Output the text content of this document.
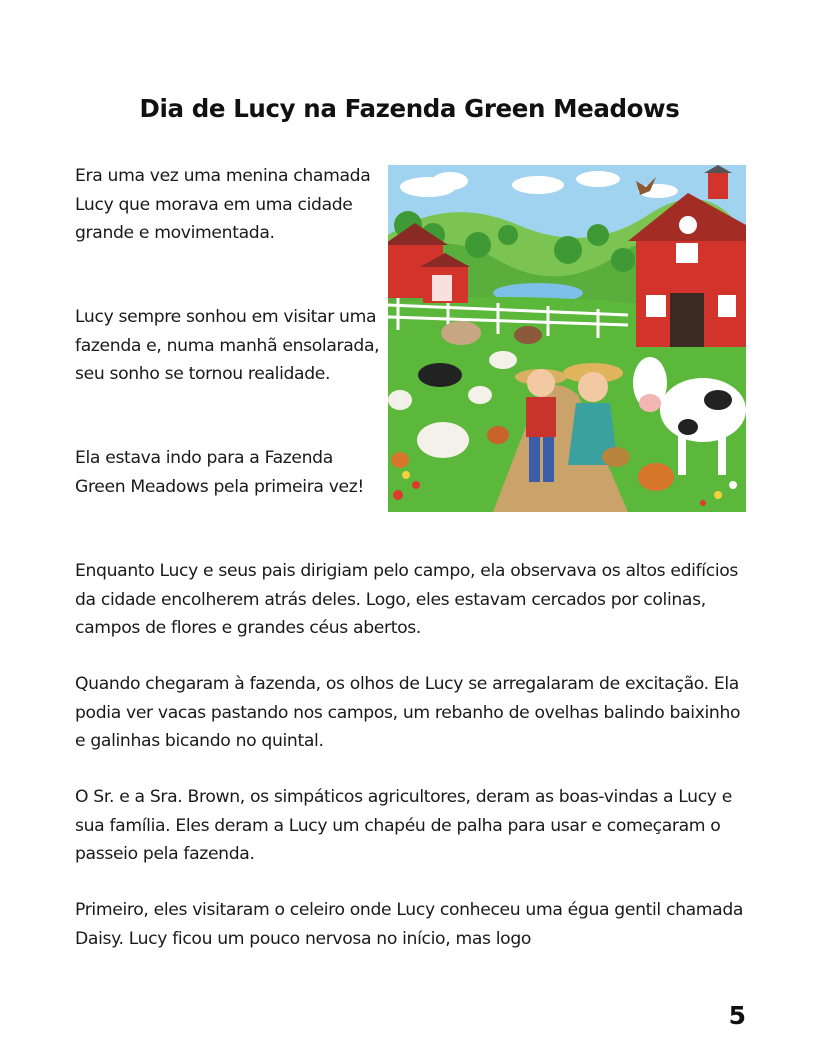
Dia de Lucy na Fazenda Green Meadows

Era uma vez uma menina chamada Lucy que morava em uma cidade grande e movimentada.

Lucy sempre sonhou em visitar uma fazenda e, numa manhã ensolarada, seu sonho se tornou realidade.

Ela estava indo para a Fazenda Green Meadows pela primeira vez!

Enquanto Lucy e seus pais dirigiam pelo campo, ela observava os altos edifícios da cidade encolherem atrás deles. Logo, eles estavam cercados por colinas, campos de flores e grandes céus abertos.

Quando chegaram à fazenda, os olhos de Lucy se arregalaram de excitação. Ela podia ver vacas pastando nos campos, um rebanho de ovelhas balindo baixinho e galinhas bicando no quintal.

O Sr. e a Sra. Brown, os simpáticos agricultores, deram as boas-vindas a Lucy e sua família. Eles deram a Lucy um chapéu de palha para usar e começaram o passeio pela fazenda.

Primeiro, eles visitaram o celeiro onde Lucy conheceu uma égua gentil chamada Daisy. Lucy ficou um pouco nervosa no início, mas logo

5
